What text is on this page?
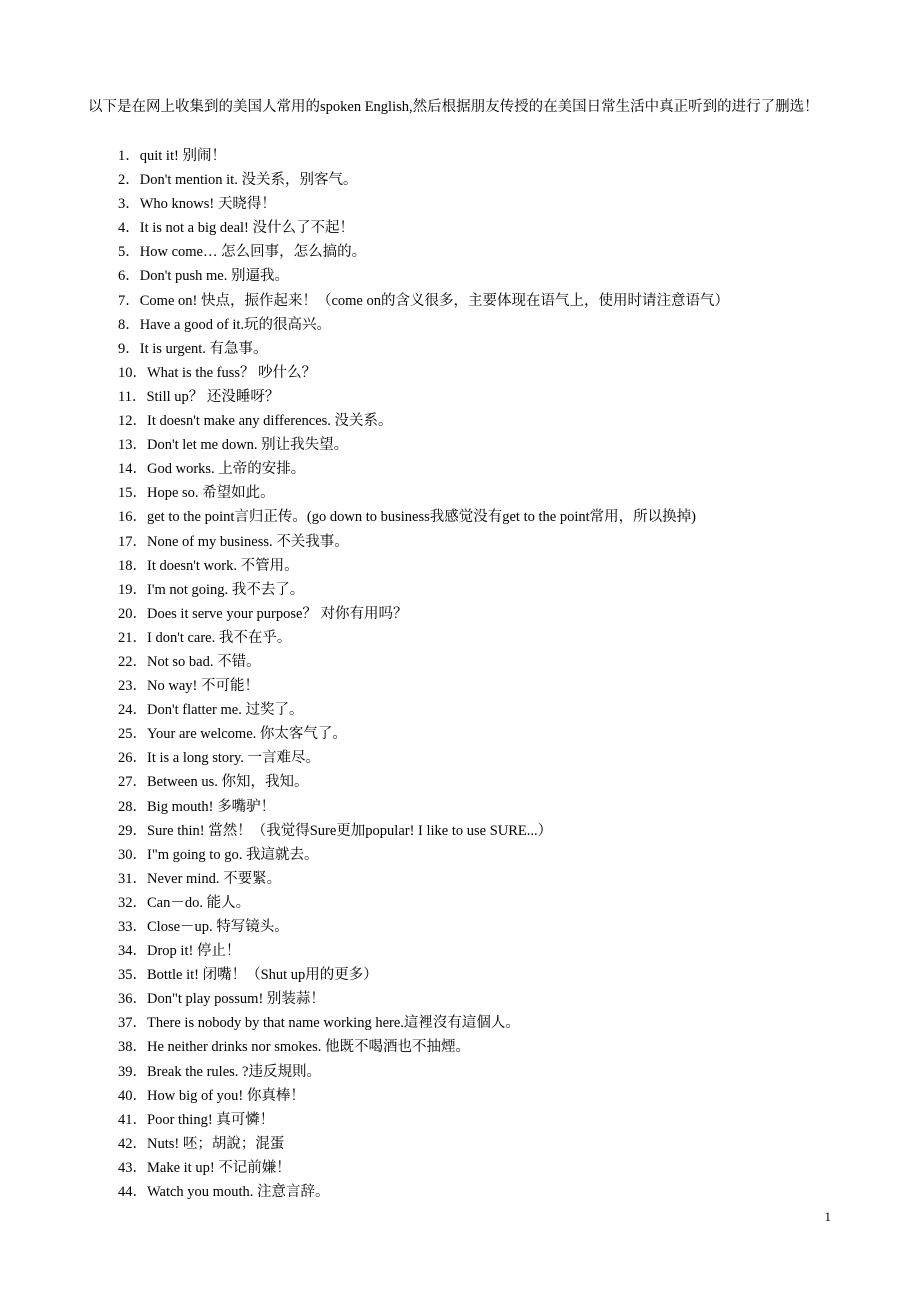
以下是在网上收集到的美国人常用的spoken English,然后根据朋友传授的在美国日常生活中真正听到的进行了删选！

1．quit it! 别闹！
2．Don't mention it. 没关系，别客气。
3．Who knows! 天晓得！
4．It is not a big deal! 没什么了不起！
5．How come… 怎么回事，怎么搞的。
6．Don't push me. 别逼我。
7．Come on! 快点，振作起来！（come on的含义很多，主要体现在语气上，使用时请注意语气）
8．Have a good of it.玩的很高兴。
9．It is urgent. 有急事。
10．What is the fuss？ 吵什么？
11．Still up？ 还没睡呀？
12．It doesn't make any differences. 没关系。
13．Don't let me down. 别让我失望。
14．God works. 上帝的安排。
15．Hope so. 希望如此。
16．get to the point言归正传。(go down to business我感觉没有get to the point常用，所以换掉)
17．None of my business. 不关我事。
18．It doesn't work. 不管用。
19．I'm not going. 我不去了。
20．Does it serve your purpose？ 对你有用吗？
21．I don't care. 我不在乎。
22．Not so bad. 不错。
23．No way! 不可能！
24．Don't flatter me. 过奖了。
25．Your are welcome. 你太客气了。
26．It is a long story. 一言难尽。
27．Between us. 你知，我知。
28．Big mouth! 多嘴驴！
29．Sure thin! 當然！（我觉得Sure更加popular! I like to use SURE...）
30．I"m going to go. 我這就去。
31．Never mind. 不要緊。
32．Can－do. 能人。
33．Close－up. 特写镜头。
34．Drop it! 停止！
35．Bottle it! 闭嘴！（Shut up用的更多）
36．Don"t play possum! 别装蒜！
37．There is nobody by that name working here.這裡沒有這個人。
38．He neither drinks nor smokes. 他既不喝酒也不抽煙。
39．Break the rules. ?违反規則。
40．How big of you! 你真棒！
41．Poor thing! 真可憐！
42．Nuts! 呸；胡說；混蛋
43．Make it up! 不记前嫌！
44．Watch you mouth. 注意言辞。
1
